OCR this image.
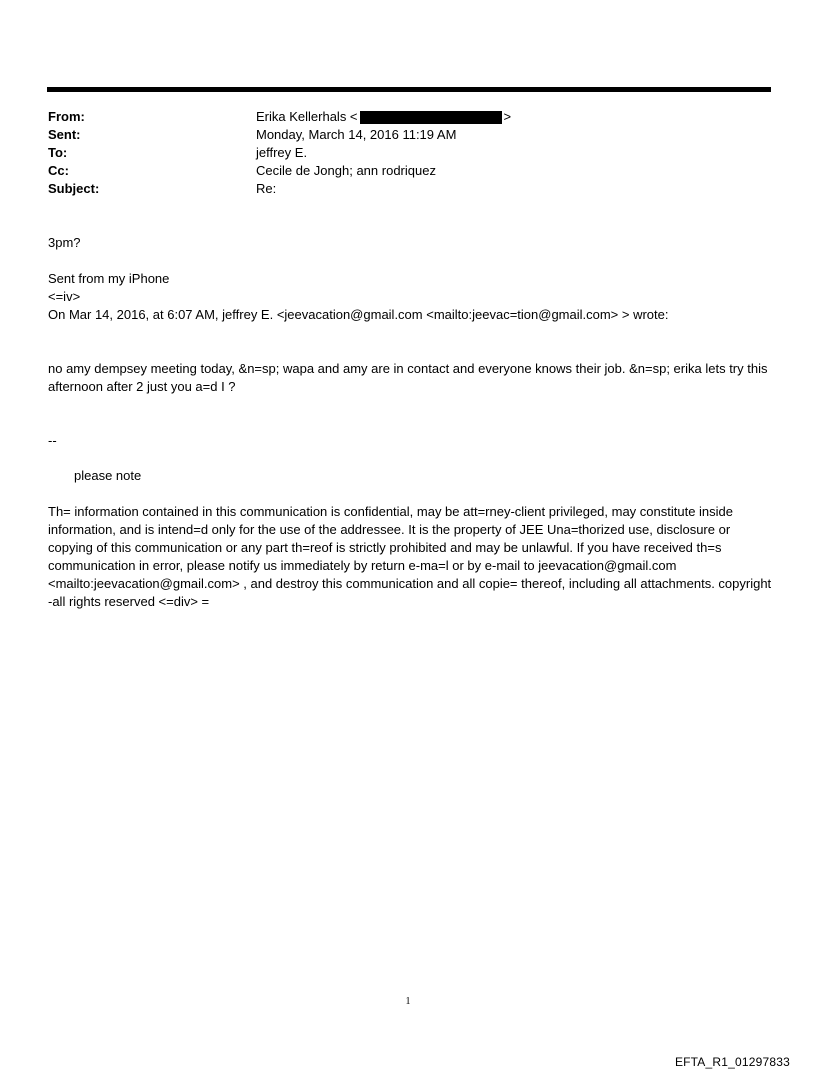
From:	Erika Kellerhals <	>
Sent:	Monday, March 14, 2016 11:19 AM
To:	jeffrey E.
Cc:	Cecile de Jongh; ann rodriquez
Subject:	Re:
3pm?

Sent from my iPhone

<=iv>

On Mar 14, 2016, at 6:07 AM, jeffrey E. <jeevacation@gmail.com <mailto:jeevac=tion@gmail.com> > wrote:

no amy dempsey meeting today, &n=sp; wapa and amy are in contact and everyone knows their job. &n=sp; erika lets try this afternoon after 2 just you a=d I ?
--
please note
Th= information contained in this communication is confidential, may be att=rney-client privileged, may constitute inside information, and is intend=d only for the use of the addressee. It is the property of JEE Una=thorized use, disclosure or copying of this communication or any part th=reof is strictly prohibited and may be unlawful. If you have received th=s communication in error, please notify us immediately by return e-ma=l or by e-mail to jeevacation@gmail.com <mailto:jeevacation@gmail.com> , and destroy this communication and all copie= thereof, including all attachments. copyright -all rights reserved <=div> =
1
EFTA_R1_01297833
